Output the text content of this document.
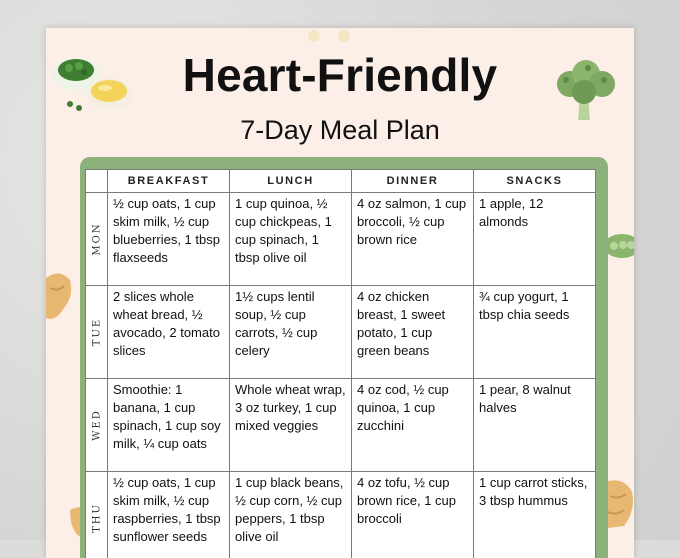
Heart-Friendly
7-Day Meal Plan
	BREAKFAST	LUNCH	DINNER	SNACKS

MON	½ cup oats, 1 cup skim milk, ½ cup blueberries, 1 tbsp flaxseeds	1 cup quinoa, ½ cup chickpeas, 1 cup spinach, 1 tbsp olive oil	4 oz salmon, 1 cup broccoli, ½ cup brown rice	1 apple, 12 almonds

TUE	2 slices whole wheat bread, ½ avocado, 2 tomato slices	1½ cups lentil soup, ½ cup carrots, ½ cup celery	4 oz chicken breast, 1 sweet potato, 1 cup green beans	¾ cup yogurt, 1 tbsp chia seeds

WED	Smoothie: 1 banana, 1 cup spinach, 1 cup soy milk, ¼ cup oats	Whole wheat wrap, 3 oz turkey, 1 cup mixed veggies	4 oz cod, ½ cup quinoa, 1 cup zucchini	1 pear, 8 walnut halves

THU	½ cup oats, 1 cup skim milk, ½ cup raspberries, 1 tbsp sunflower seeds	1 cup black beans, ½ cup corn, ½ cup peppers, 1 tbsp olive oil	4 oz tofu, ½ cup brown rice, 1 cup broccoli	1 cup carrot sticks, 3 tbsp hummus
